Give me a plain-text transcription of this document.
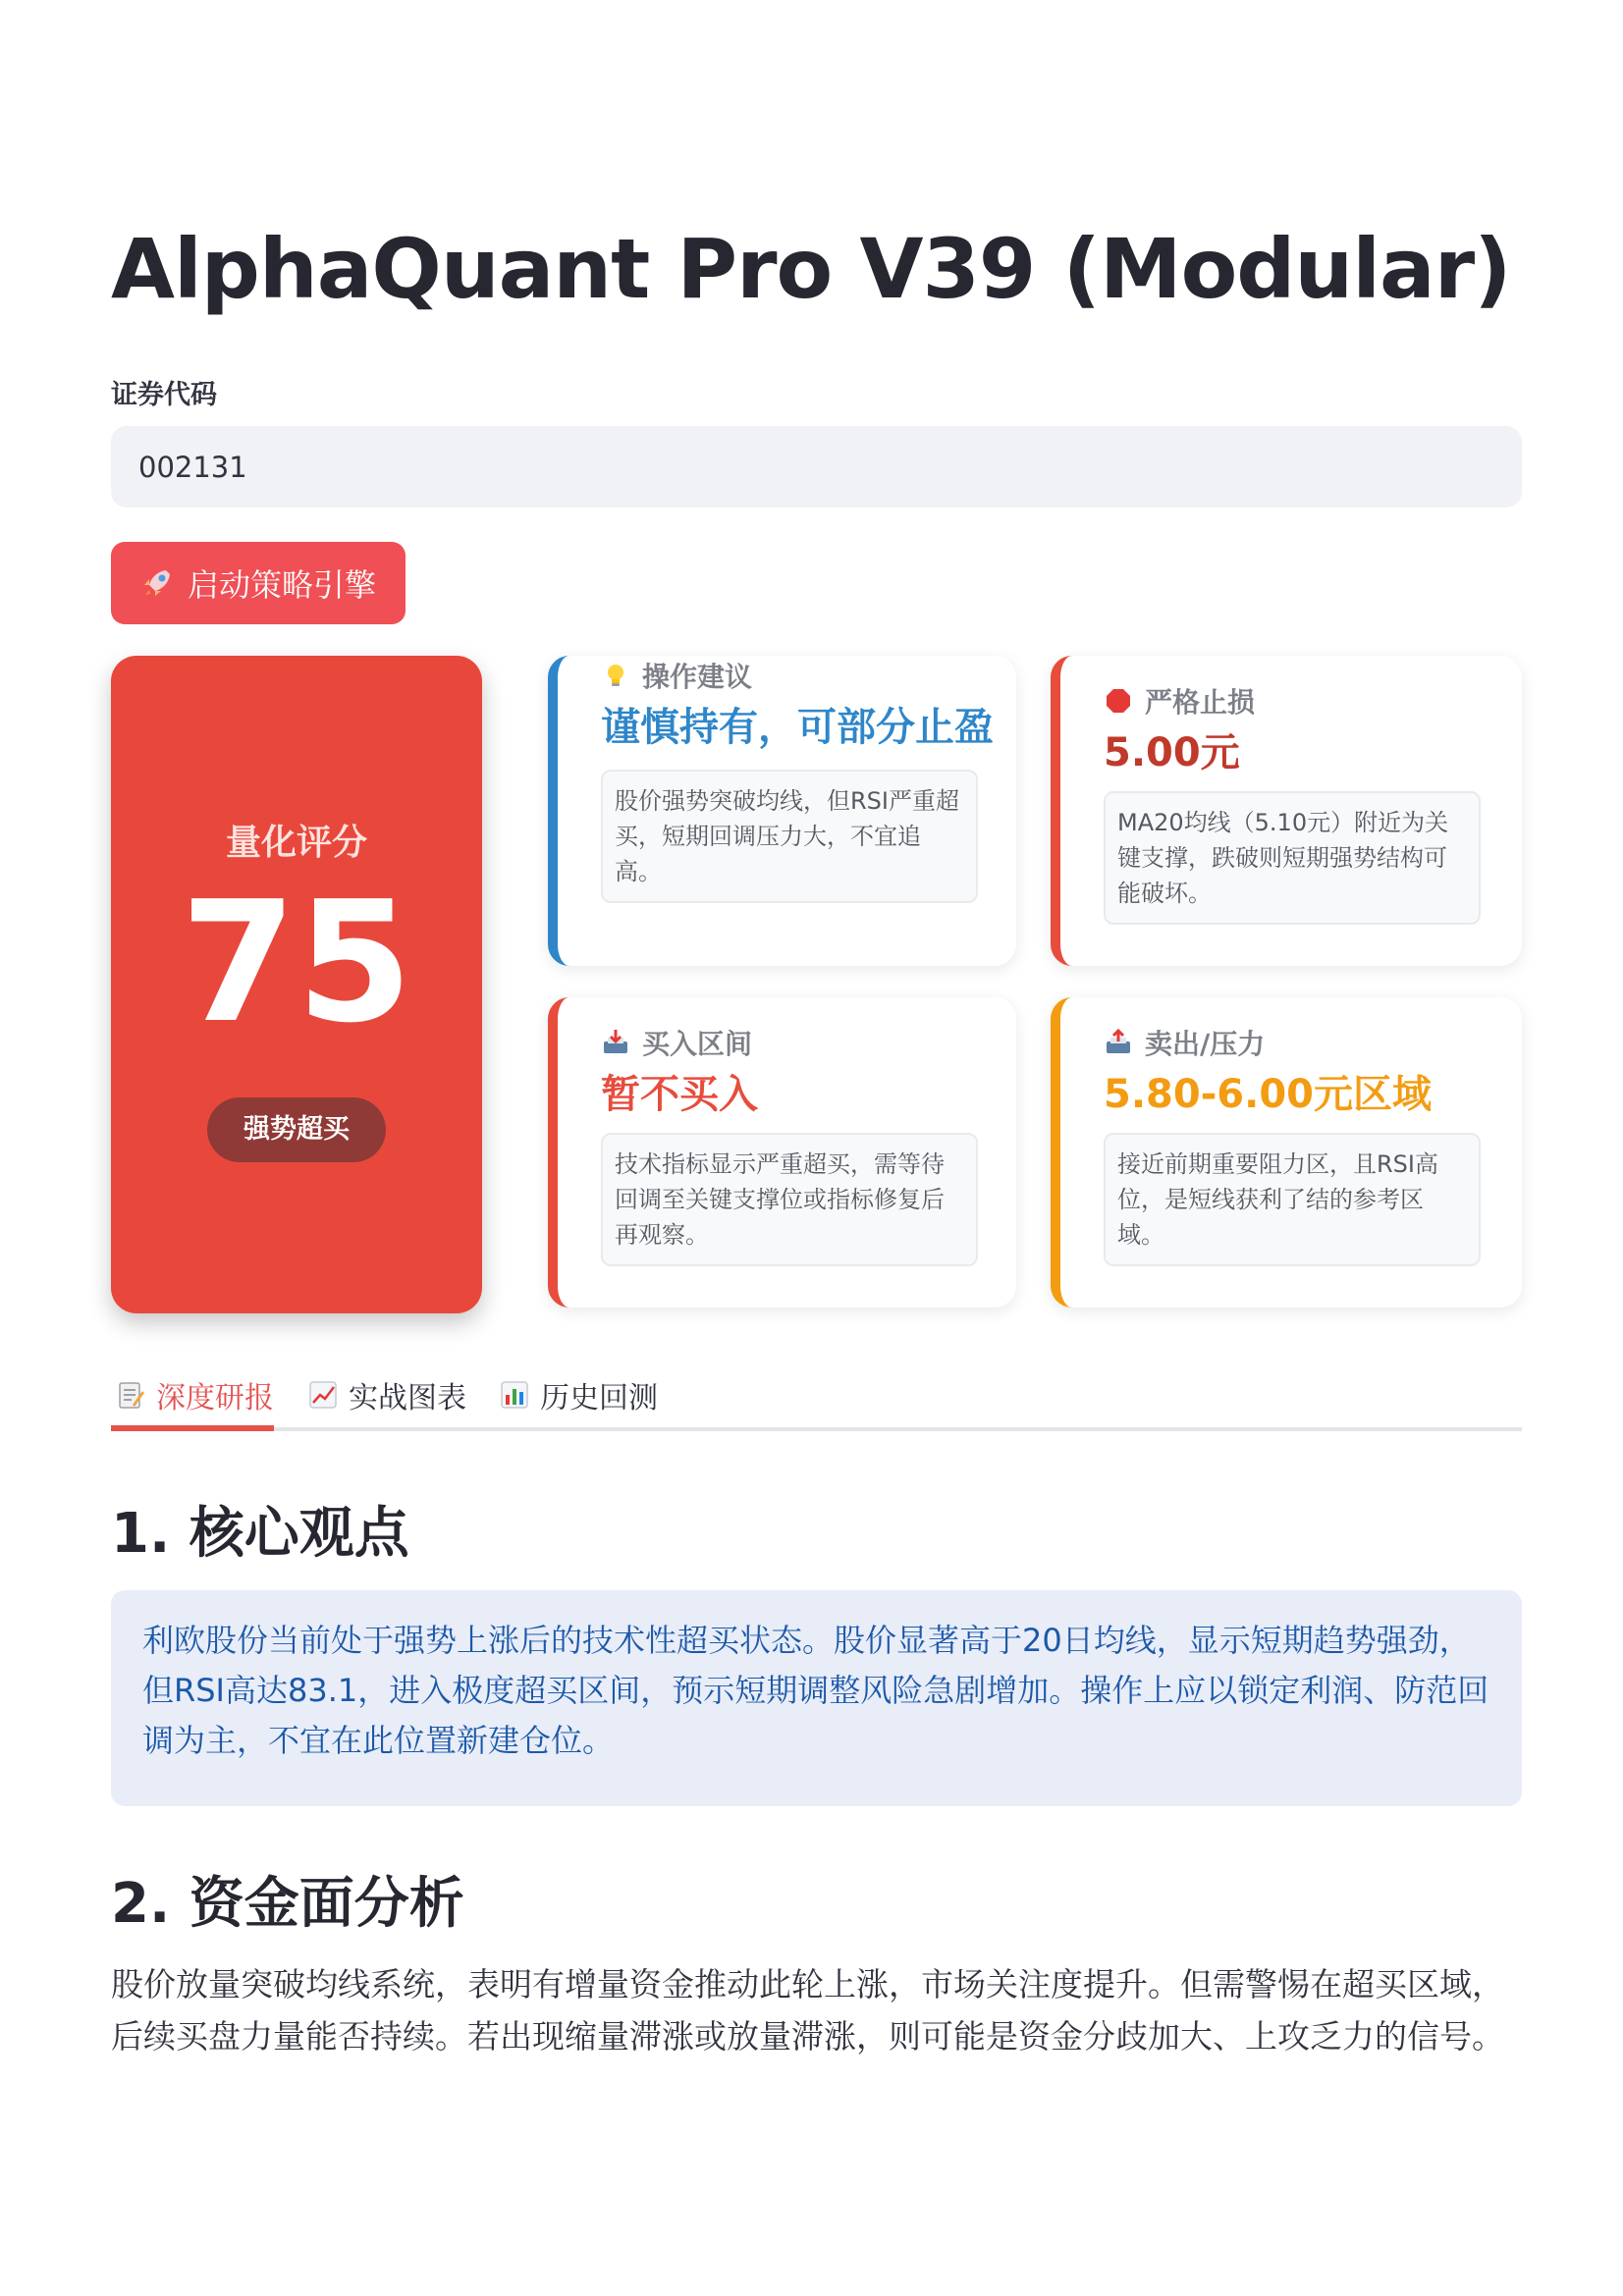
AlphaQuant Pro V39 (Modular)
证券代码
002131
启动策略引擎
量化评分
75
强势超买
操作建议
谨慎持有，可部分止盈
股价强势突破均线，但RSI严重超买，短期回调压力大，不宜追高。
严格止损
5.00元
MA20均线（5.10元）附近为关键支撑，跌破则短期强势结构可能破坏。
买入区间
暂不买入
技术指标显示严重超买，需等待回调至关键支撑位或指标修复后再观察。
卖出/压力
5.80-6.00元区域
接近前期重要阻力区，且RSI高位，是短线获利了结的参考区域。
深度研报	实战图表	历史回测
1. 核心观点
利欧股份当前处于强势上涨后的技术性超买状态。股价显著高于20日均线，显示短期趋势强劲，但RSI高达83.1，进入极度超买区间，预示短期调整风险急剧增加。操作上应以锁定利润、防范回调为主，不宜在此位置新建仓位。
2. 资金面分析
股价放量突破均线系统，表明有增量资金推动此轮上涨，市场关注度提升。但需警惕在超买区域，后续买盘力量能否持续。若出现缩量滞涨或放量滞涨，则可能是资金分歧加大、上攻乏力的信号。
